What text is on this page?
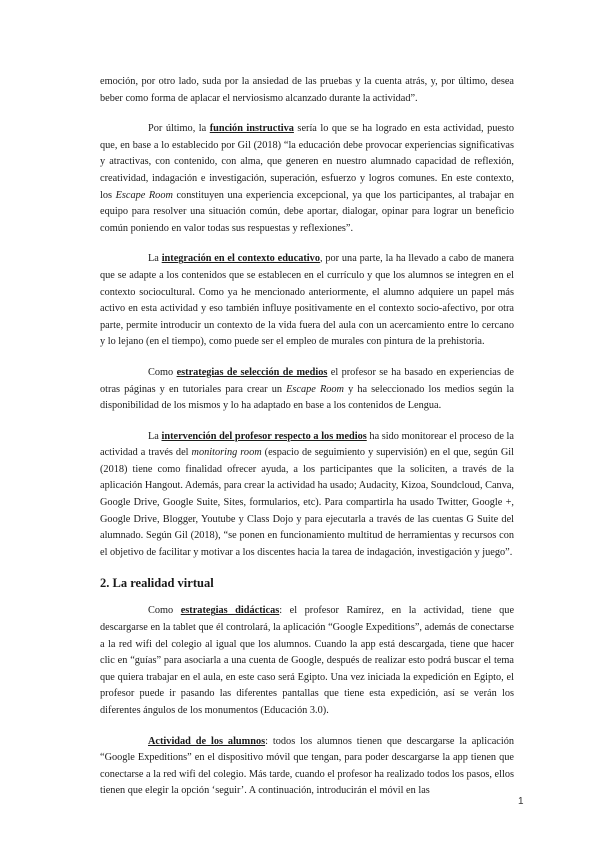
emoción, por otro lado, suda por la ansiedad de las pruebas y la cuenta atrás, y, por último, desea beber como forma de aplacar el nerviosismo alcanzado durante la actividad”.

Por último, la función instructiva sería lo que se ha logrado en esta actividad, puesto que, en base a lo establecido por Gil (2018) “la educación debe provocar experiencias significativas y atractivas, con contenido, con alma, que generen en nuestro alumnado capacidad de reflexión, creatividad, indagación e investigación, superación, esfuerzo y logros comunes. En este contexto, los Escape Room constituyen una experiencia excepcional, ya que los participantes, al trabajar en equipo para resolver una situación común, debe aportar, dialogar, opinar para lograr un beneficio común poniendo en valor todas sus respuestas y reflexiones”.

La integración en el contexto educativo, por una parte, la ha llevado a cabo de manera que se adapte a los contenidos que se establecen en el currículo y que los alumnos se integren en el contexto sociocultural. Como ya he mencionado anteriormente, el alumno adquiere un papel más activo en esta actividad y eso también influye positivamente en el contexto socio-afectivo, por otra parte, permite introducir un contexto de la vida fuera del aula con un acercamiento entre lo cercano y lo lejano (en el tiempo), como puede ser el empleo de murales con pintura de la prehistoria.

Como estrategias de selección de medios el profesor se ha basado en experiencias de otras páginas y en tutoriales para crear un Escape Room y ha seleccionado los medios según la disponibilidad de los mismos y lo ha adaptado en base a los contenidos de Lengua.

La intervención del profesor respecto a los medios ha sido monitorear el proceso de la actividad a través del monitoring room (espacio de seguimiento y supervisión) en el que, según Gil (2018) tiene como finalidad ofrecer ayuda, a los participantes que la soliciten, a través de la aplicación Hangout. Además, para crear la actividad ha usado; Audacity, Kizoa, Soundcloud, Canva, Google Drive, Google Suite, Sites, formularios, etc). Para compartirla ha usado Twitter, Google +, Google Drive, Blogger, Youtube y Class Dojo y para ejecutarla a través de las cuentas G Suite del alumnado. Según Gil (2018), “se ponen en funcionamiento multitud de herramientas y recursos con el objetivo de facilitar y motivar a los discentes hacia la tarea de indagación, investigación y juego”.

2. La realidad virtual

Como estrategias didácticas: el profesor Ramírez, en la actividad, tiene que descargarse en la tablet que él controlará, la aplicación “Google Expeditions”, además de conectarse a la red wifi del colegio al igual que los alumnos. Cuando la app está descargada, tiene que hacer clic en “guías” para asociarla a una cuenta de Google, después de realizar esto podrá buscar el tema que quiera trabajar en el aula, en este caso será Egipto. Una vez iniciada la expedición en Egipto, el profesor puede ir pasando las diferentes pantallas que tiene esta expedición, así se verán los diferentes ángulos de los monumentos (Educación 3.0).

Actividad de los alumnos: todos los alumnos tienen que descargarse la aplicación “Google Expeditions” en el dispositivo móvil que tengan, para poder descargarse la app tienen que conectarse a la red wifi del colegio. Más tarde, cuando el profesor ha realizado todos los pasos, ellos tienen que elegir la opción ‘seguir’. A continuación, introducirán el móvil en las

1
